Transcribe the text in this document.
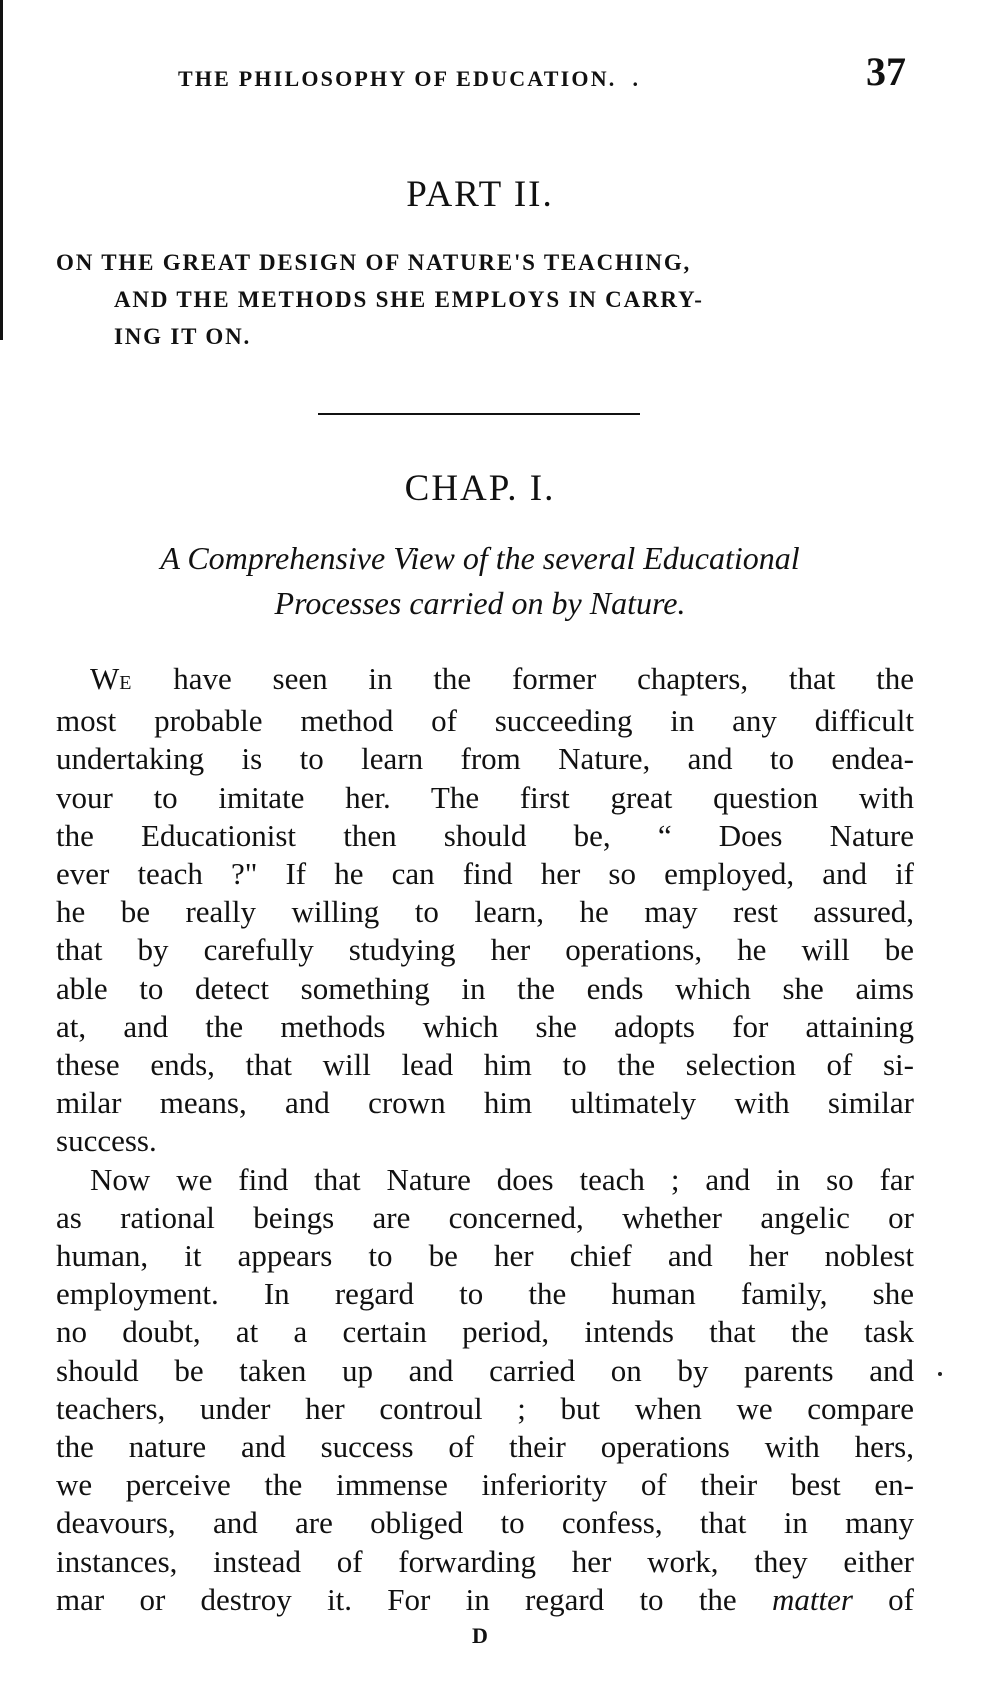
THE PHILOSOPHY OF EDUCATION. .	37
PART II.
ON THE GREAT DESIGN OF NATURE'S TEACHING,
AND THE METHODS SHE EMPLOYS IN CARRY-
ING IT ON.
CHAP. I.
A Comprehensive View of the several Educational
Processes carried on by Nature.
WE have seen in the former chapters, that the
most probable method of succeeding in any difficult
undertaking is to learn from Nature, and to endea-
vour to imitate her. The first great question with
the Educationist then should be, “ Does Nature
ever teach ?" If he can find her so employed, and if
he be really willing to learn, he may rest assured,
that by carefully studying her operations, he will be
able to detect something in the ends which she aims
at, and the methods which she adopts for attaining
these ends, that will lead him to the selection of si-
milar means, and crown him ultimately with similar
success.
Now we find that Nature does teach ; and in so far
as rational beings are concerned, whether angelic or
human, it appears to be her chief and her noblest
employment. In regard to the human family, she
no doubt, at a certain period, intends that the task
should be taken up and carried on by parents and
teachers, under her controul ; but when we compare
the nature and success of their operations with hers,
we perceive the immense inferiority of their best en-
deavours, and are obliged to confess, that in many
instances, instead of forwarding her work, they either
mar or destroy it. For in regard to the matter of
D
